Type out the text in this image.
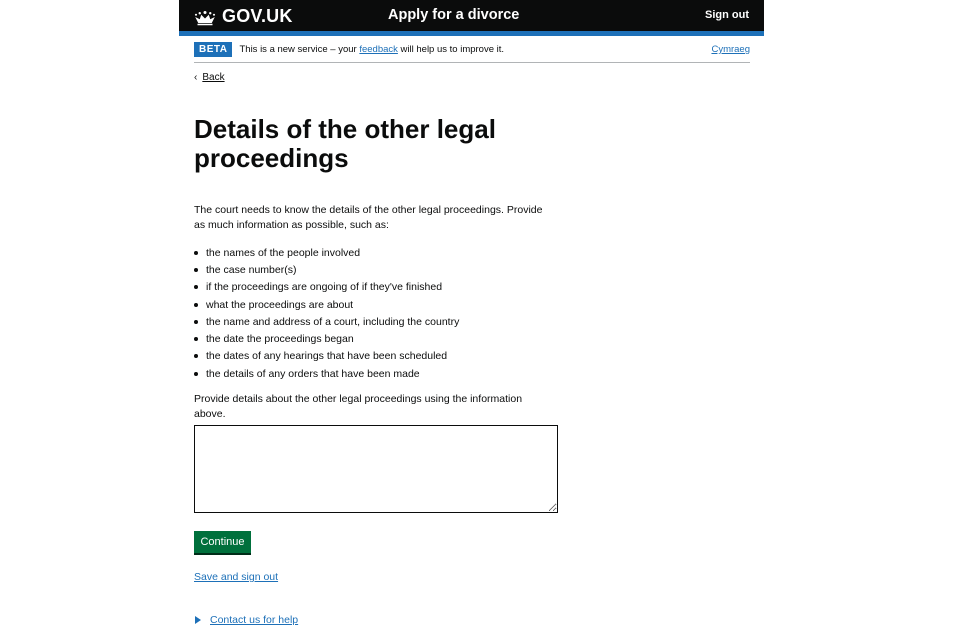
GOV.UK	Apply for a divorce	Sign out
BETA	This is a new service – your feedback will help us to improve it.	Cymraeg
‹ Back
Details of the other legal proceedings

The court needs to know the details of the other legal proceedings. Provide as much information as possible, such as:

the names of the people involved
the case number(s)
if the proceedings are ongoing of if they've finished
what the proceedings are about
the name and address of a court, including the country
the date the proceedings began
the dates of any hearings that have been scheduled
the details of any orders that have been made

Provide details about the other legal proceedings using the information above.

Continue
Save and sign out
Contact us for help
